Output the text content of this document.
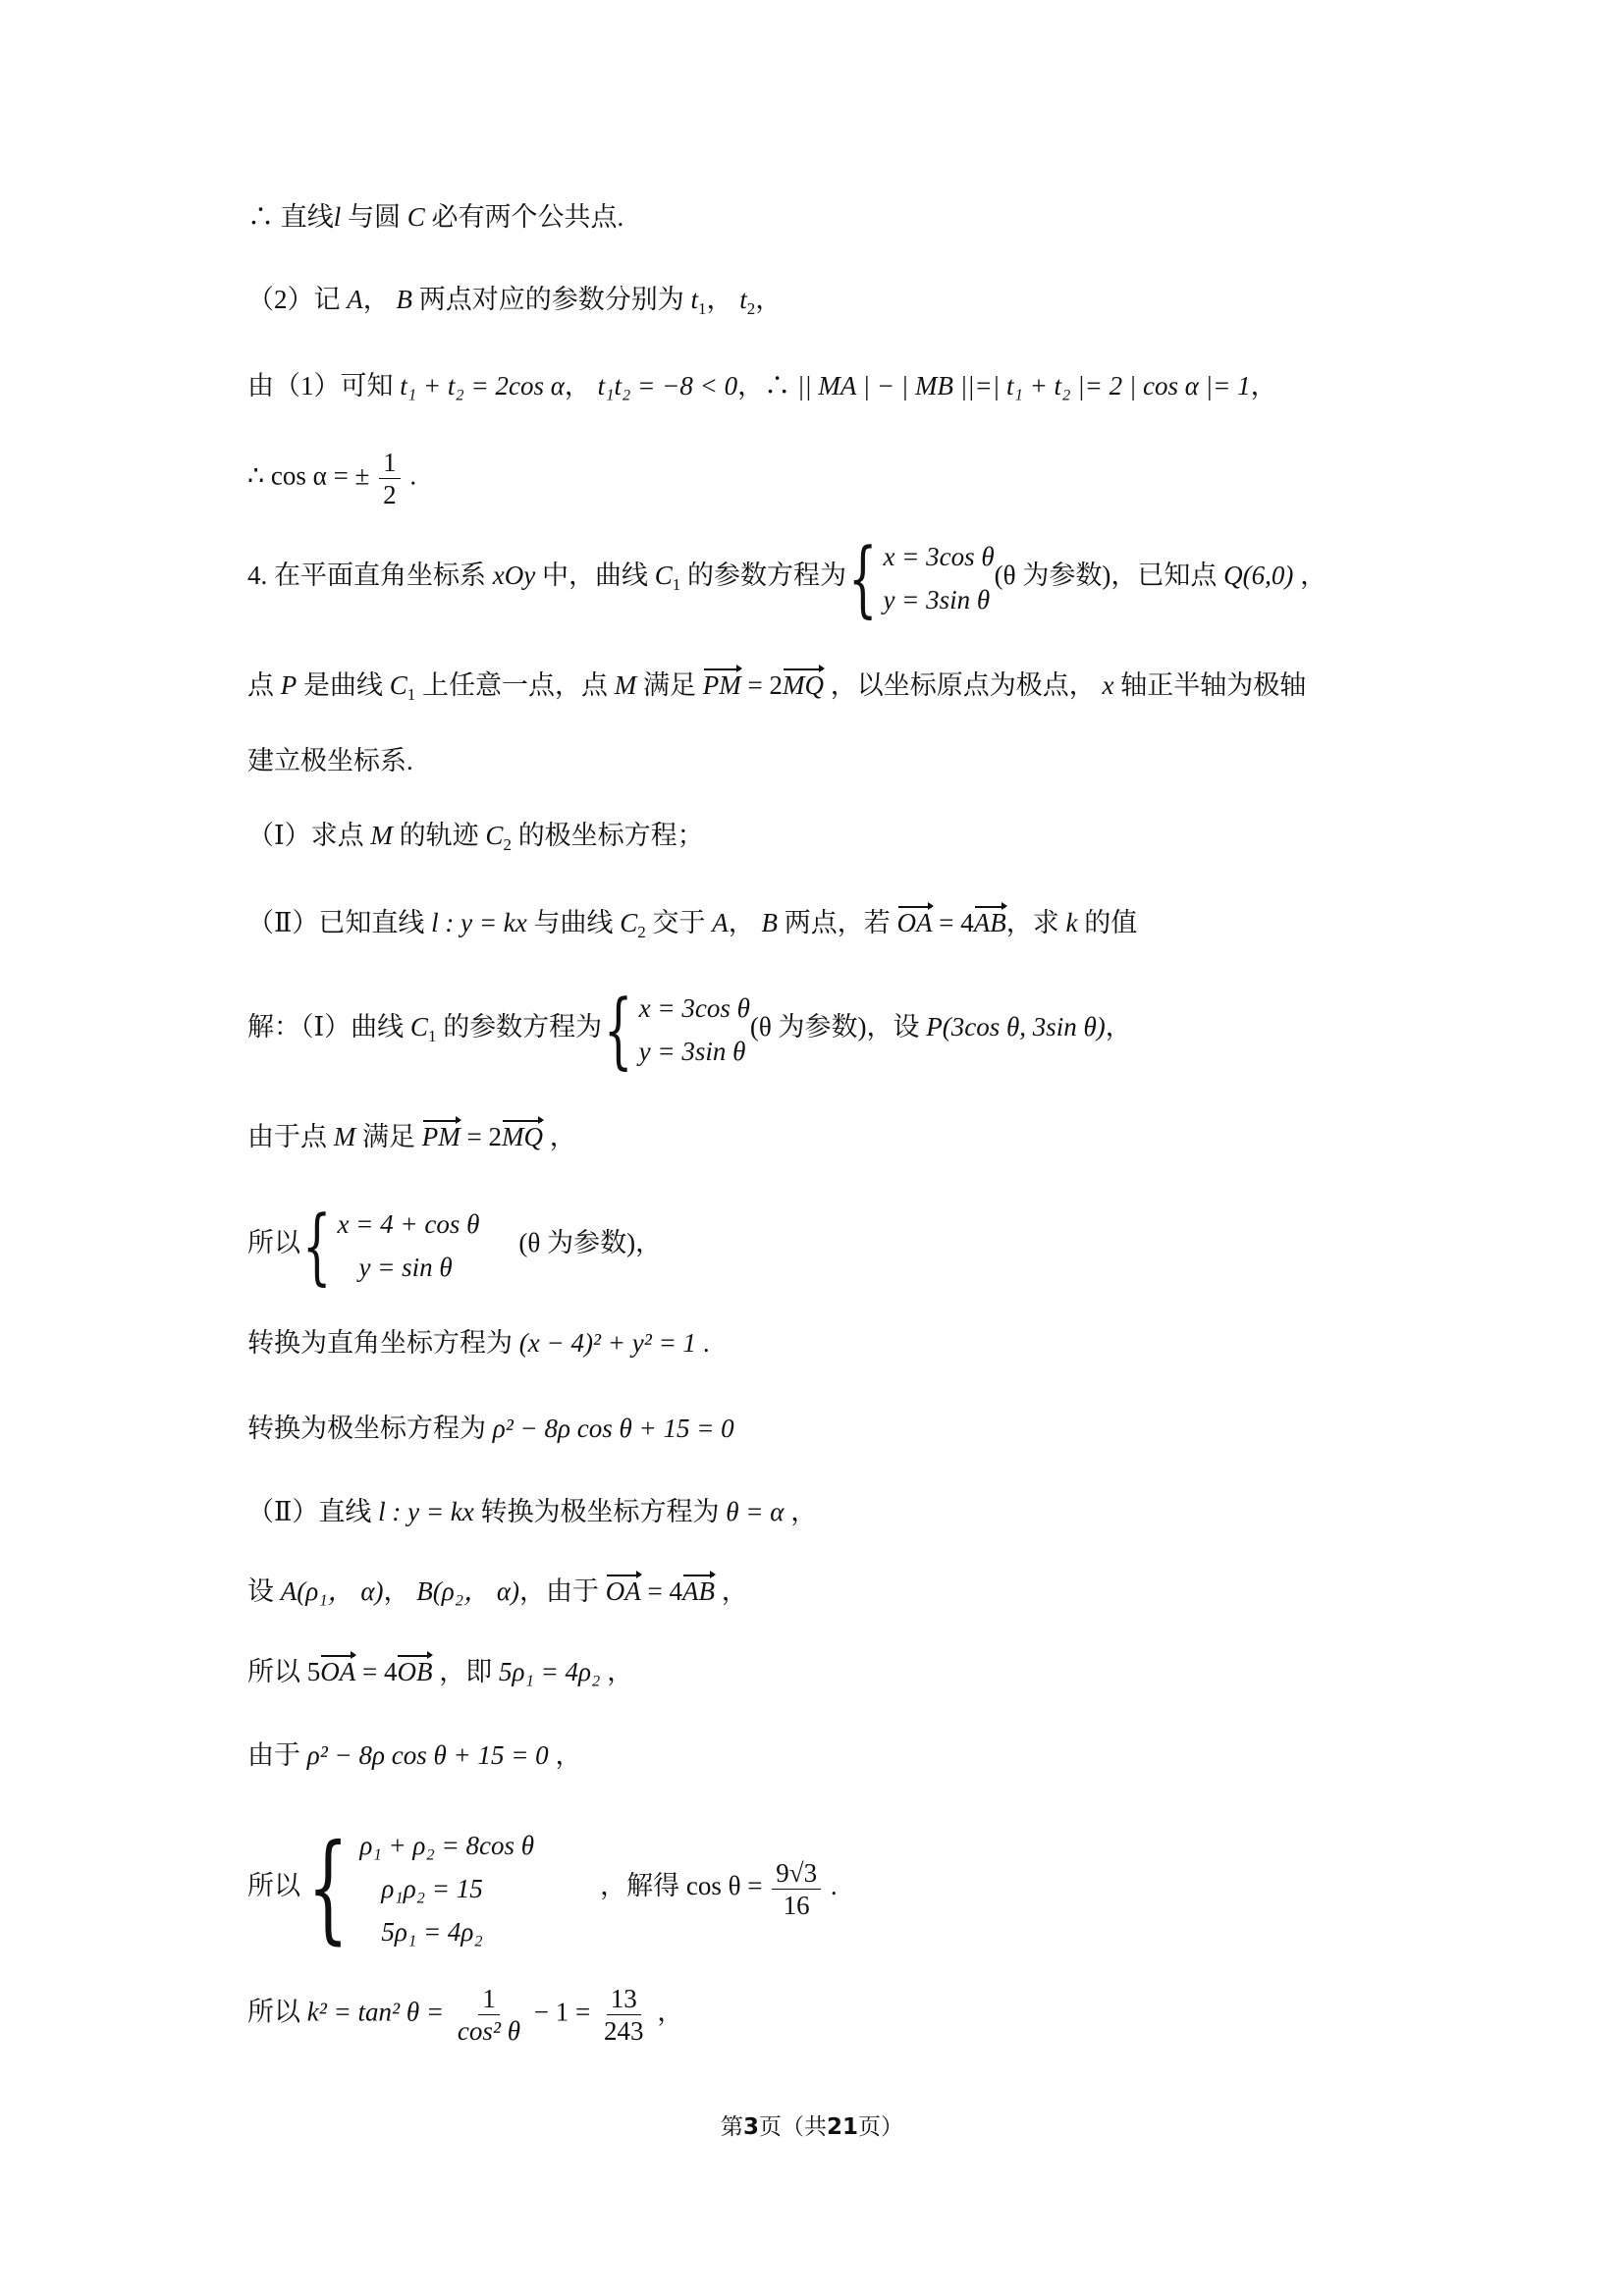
∴ 直线l 与圆 C 必有两个公共点.
（2）记 A， B 两点对应的参数分别为 $t_1$， $t_2$，
由（1）可知 t₁ + t₂ = 2cos α， t₁t₂ = −8 < 0，∴ || MA | − | MB ||=| t₁ + t₂ |= 2 | cos α |= 1，
∴ cos α = ± $\frac{1}{2}$ .
4. 在平面直角坐标系 xOy 中，曲线 $C_1$ 的参数方程为 { x = 3cos θ
y = 3sin θ
(θ 为参数)，已知点 Q(6,0) ，
点 P 是曲线 $C_1$ 上任意一点，点 M 满足 PM = 2MQ ，以坐标原点为极点， x 轴正半轴为极轴
建立极坐标系.
（Ⅰ）求点 M 的轨迹 $C_2$ 的极坐标方程；
（Ⅱ）已知直线 l : y = kx 与曲线 $C_2$ 交于 A， B 两点，若 OA = 4AB，求 k 的值
解：（Ⅰ）曲线 $C_1$ 的参数方程为 { x = 3cos θ
y = 3sin θ
(θ 为参数)，设 P(3cos θ, 3sin θ)，
由于点 M 满足 PM = 2MQ ，
所以 { x = 4 + cos θ
y = sin θ
(θ 为参数)，
转换为直角坐标方程为 (x − 4)² + y² = 1 .
转换为极坐标方程为 ρ² − 8ρ cos θ + 15 = 0
（Ⅱ）直线 l : y = kx 转换为极坐标方程为 θ = α ，
设 A(ρ₁， α)， B(ρ₂， α)，由于 OA = 4AB ，
所以 5OA = 4OB ，即 5ρ₁ = 4ρ₂ ，
由于 ρ² − 8ρ cos θ + 15 = 0 ，
所以 { ρ₁ + ρ₂ = 8cos θ
ρ₁ρ₂ = 15
5ρ₁ = 4ρ₂
，解得 $\cos \theta = \frac{9√3}{16}$ .
所以 k² = tan² $\theta = \frac{1}{\text{cos² θ}} - 1 = \frac{13}{243}$ ，
第3页（共21页）
